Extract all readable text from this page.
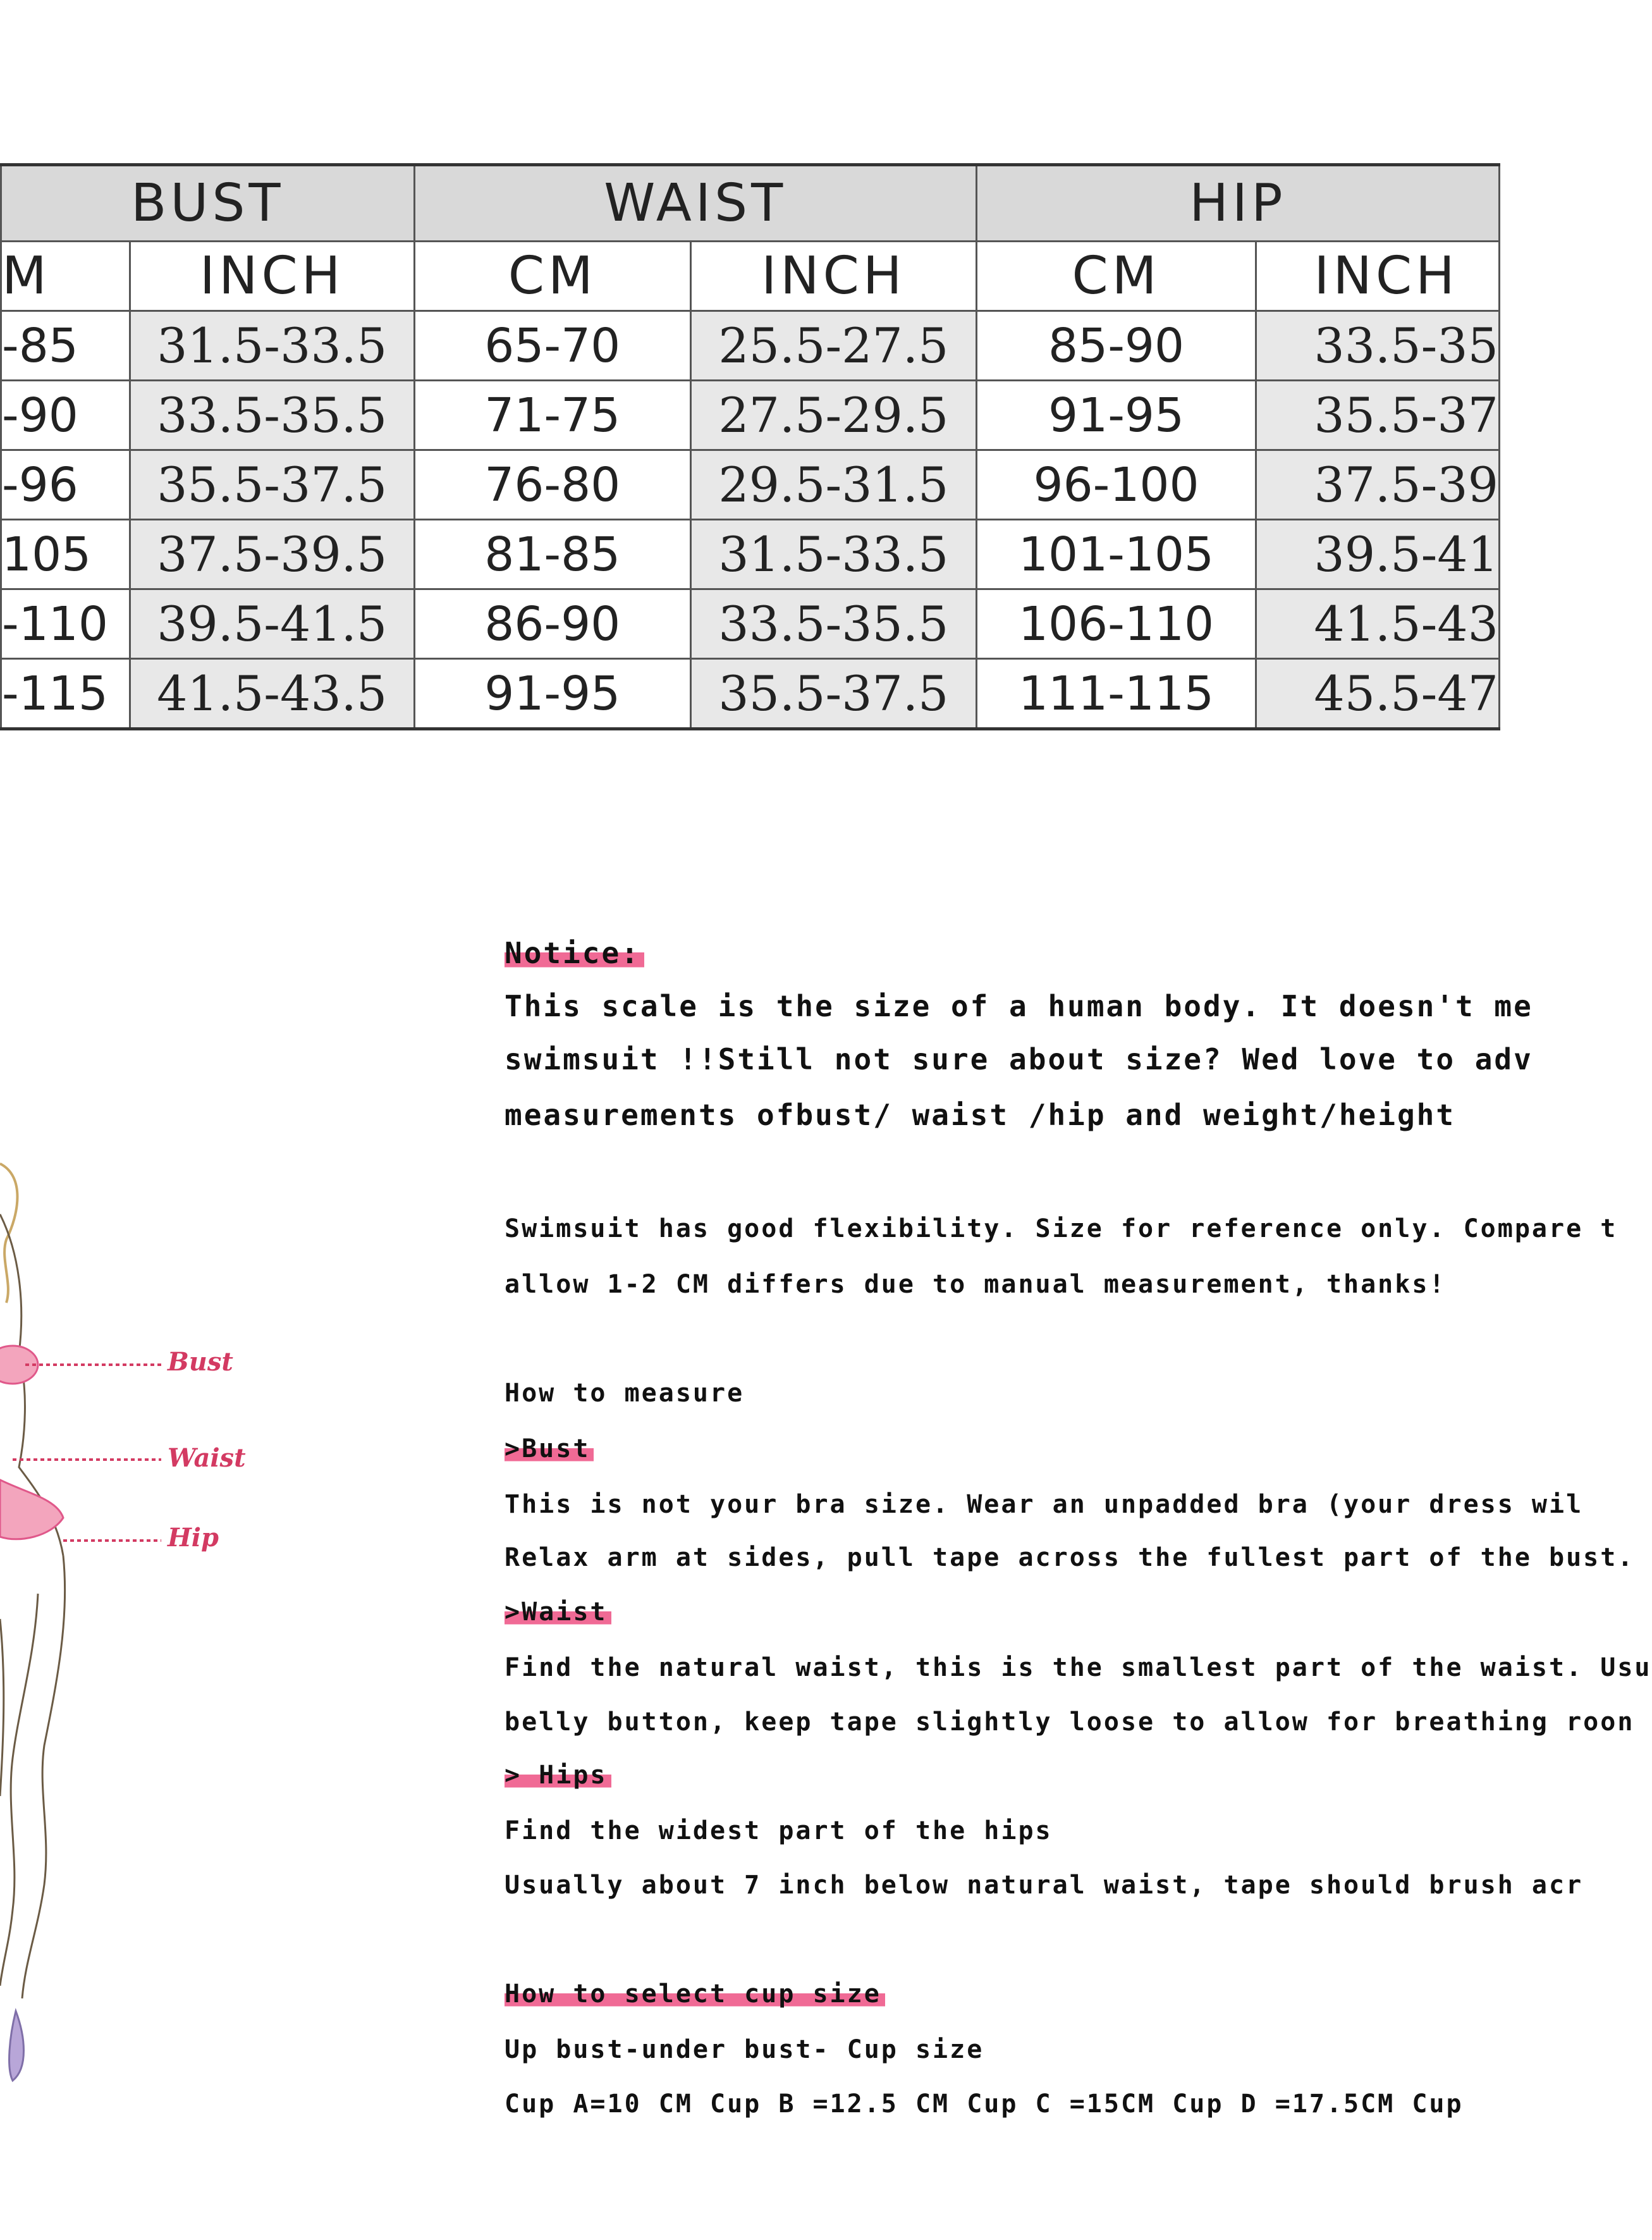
BUST		WAIST		HIP	
M	INCH	CM	INCH	CM	INCH
-85	31.5-33.5	65-70	25.5-27.5	85-90	33.5-35
-90	33.5-35.5	71-75	27.5-29.5	91-95	35.5-37
-96	35.5-37.5	76-80	29.5-31.5	96-100	37.5-39
105	37.5-39.5	81-85	31.5-33.5	101-105	39.5-41
-110	39.5-41.5	86-90	33.5-35.5	106-110	41.5-43
-115	41.5-43.5	91-95	35.5-37.5	111-115	45.5-47
Bust
Waist
Hip
Notice:
This scale is the size of a human body. It doesn't me
swimsuit !!Still not sure about size? Wed love to adv
measurements ofbust/ waist /hip and weight/height
Swimsuit has good flexibility. Size for reference only. Compare t
allow 1-2 CM differs due to manual measurement, thanks!
How to measure
>Bust
This is not your bra size. Wear an unpadded bra (your dress wil
Relax arm at sides, pull tape across the fullest part of the bust.
>Waist
Find the natural waist, this is the smallest part of the waist. Usu
belly button, keep tape slightly loose to allow for breathing roon
> Hips
Find the widest part of the hips
Usually about 7 inch below natural waist, tape should brush acr
How to select cup size
Up bust-under bust- Cup size
Cup A=10 CM Cup B =12.5 CM Cup C =15CM Cup D =17.5CM Cup
